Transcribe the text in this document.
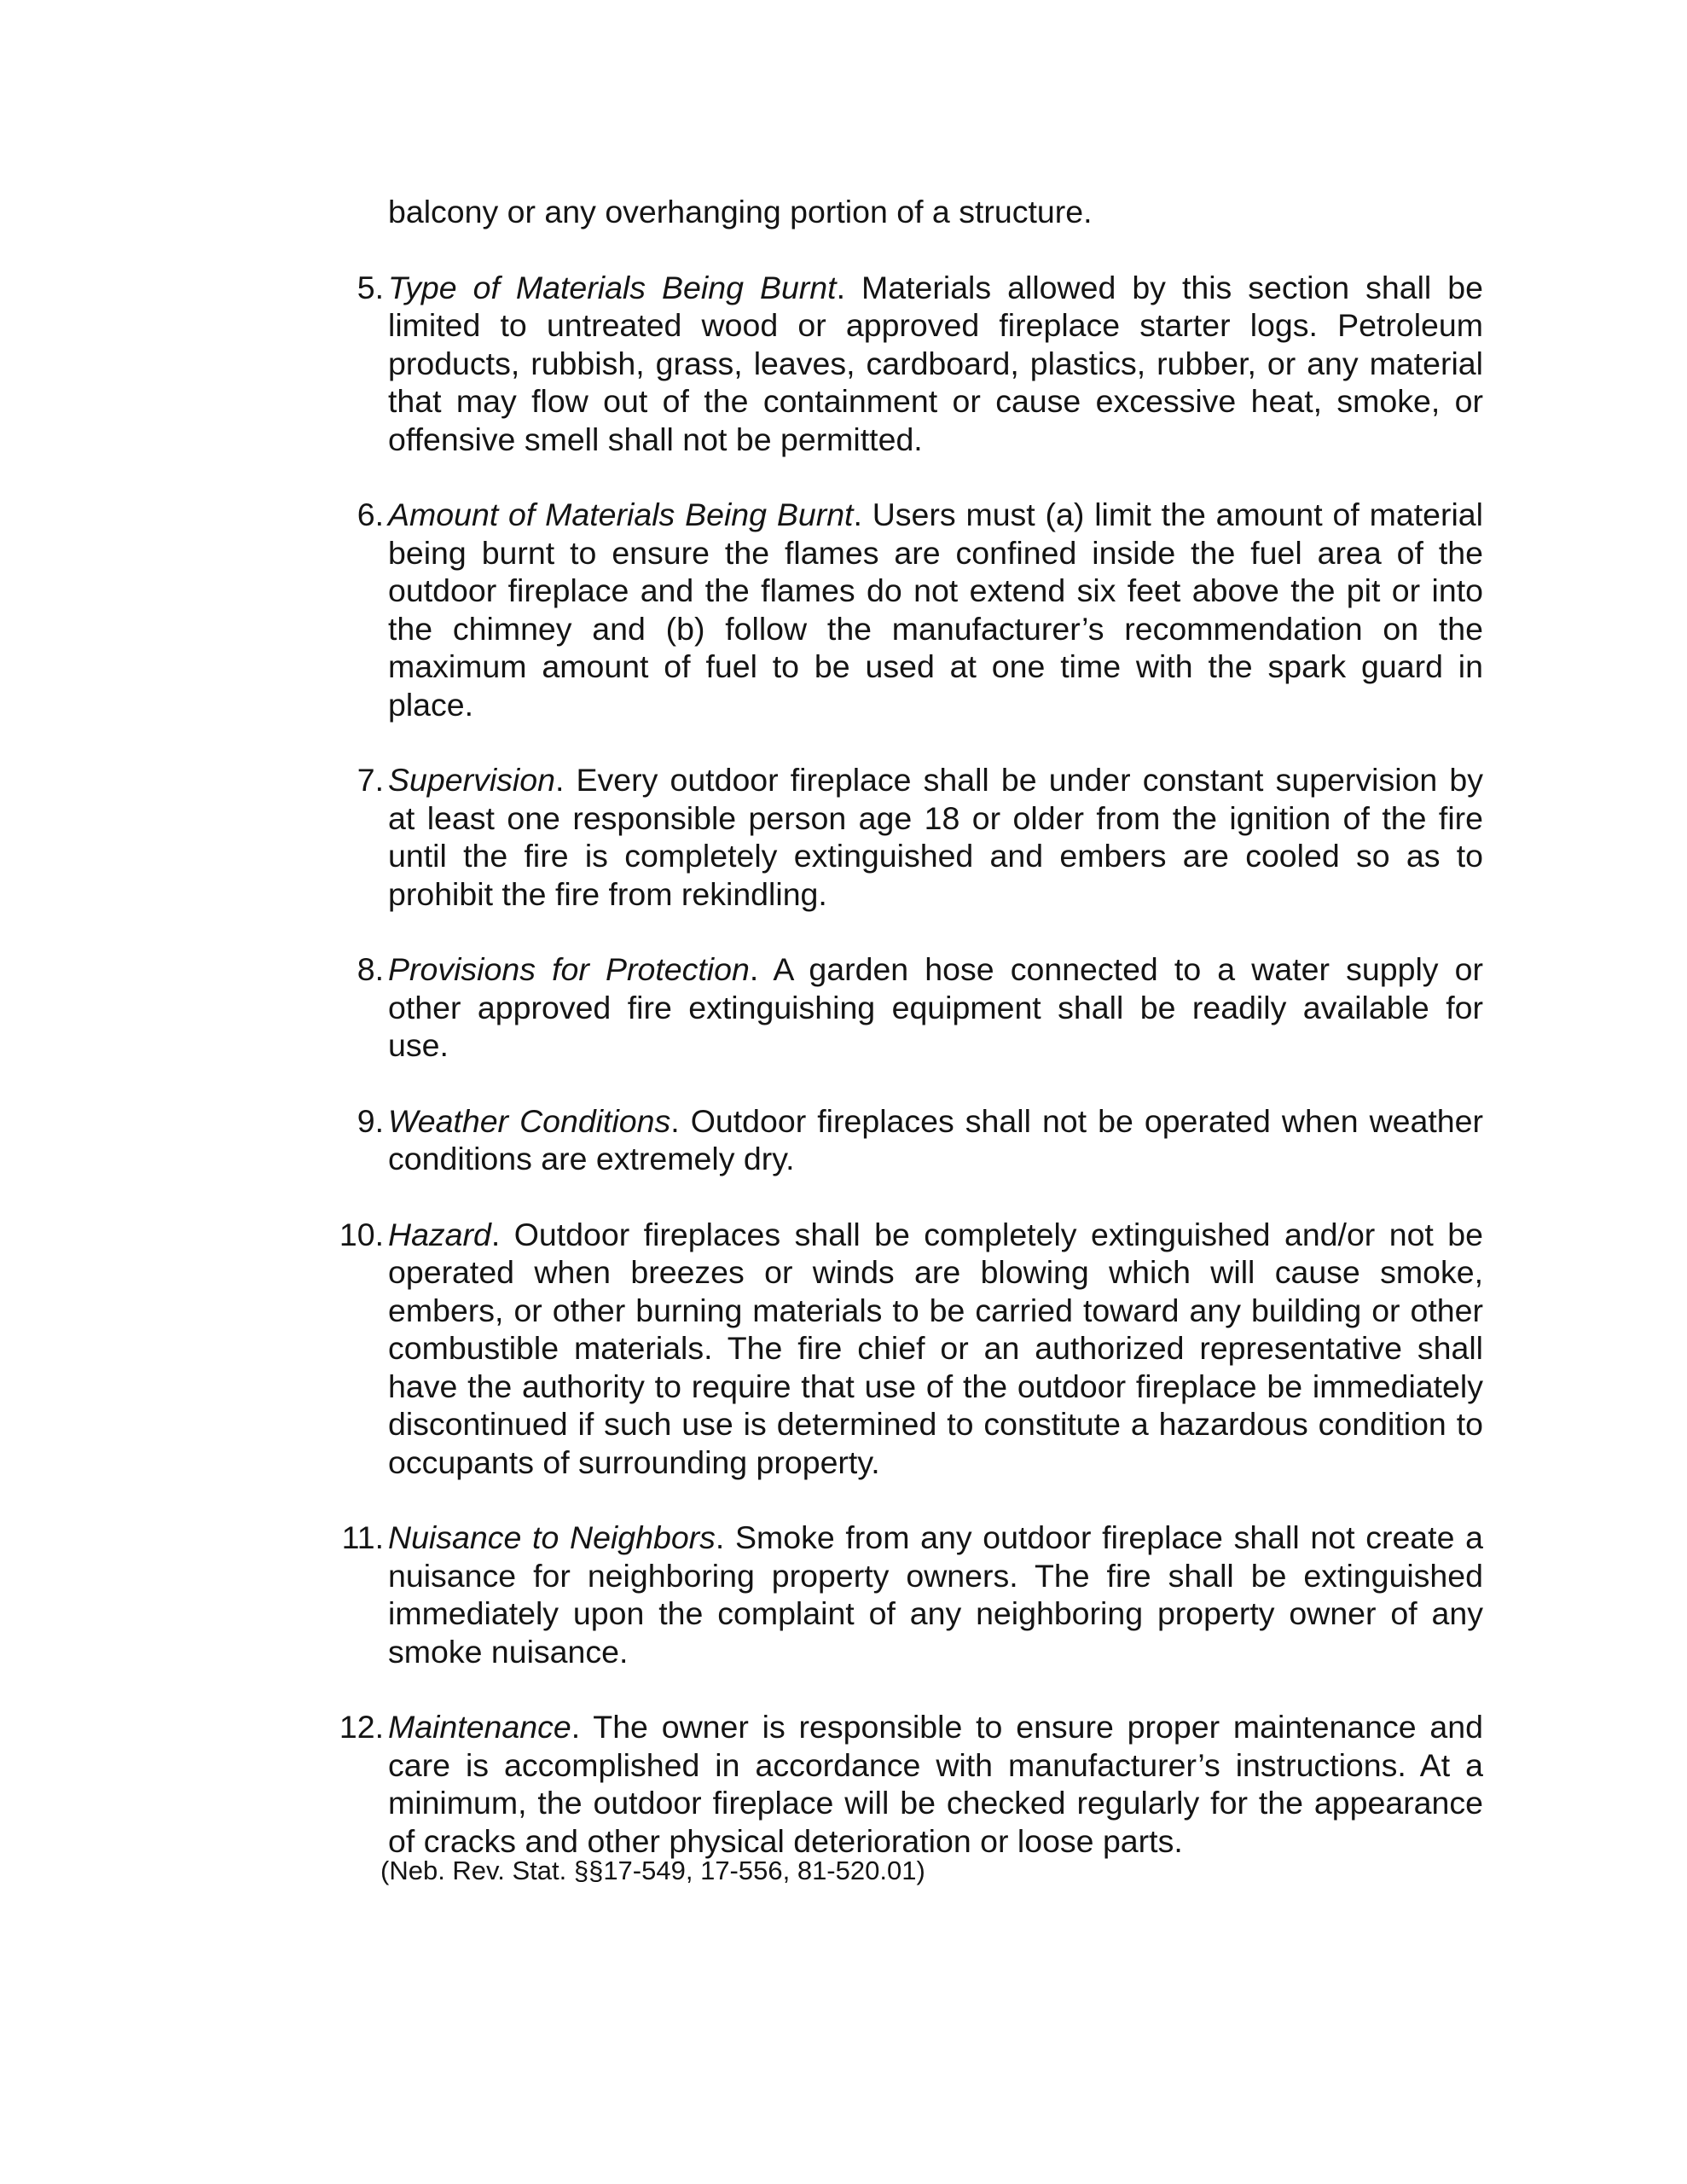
balcony or any overhanging portion of a structure.

5. Type of Materials Being Burnt. Materials allowed by this section shall be limited to untreated wood or approved fireplace starter logs. Petroleum products, rubbish, grass, leaves, cardboard, plastics, rubber, or any material that may flow out of the containment or cause excessive heat, smoke, or offensive smell shall not be permitted.
6. Amount of Materials Being Burnt. Users must (a) limit the amount of material being burnt to ensure the flames are confined inside the fuel area of the outdoor fireplace and the flames do not extend six feet above the pit or into the chimney and (b) follow the manufacturer’s recommendation on the maximum amount of fuel to be used at one time with the spark guard in place.
7. Supervision. Every outdoor fireplace shall be under constant supervision by at least one responsible person age 18 or older from the ignition of the fire until the fire is completely extinguished and embers are cooled so as to prohibit the fire from rekindling.
8. Provisions for Protection. A garden hose connected to a water supply or other approved fire extinguishing equipment shall be readily available for use.
9. Weather Conditions. Outdoor fireplaces shall not be operated when weather conditions are extremely dry.
10. Hazard. Outdoor fireplaces shall be completely extinguished and/or not be operated when breezes or winds are blowing which will cause smoke, embers, or other burning materials to be carried toward any building or other combustible materials. The fire chief or an authorized representative shall have the authority to require that use of the outdoor fireplace be immediately discontinued if such use is determined to constitute a hazardous condition to occupants of surrounding property.
11. Nuisance to Neighbors. Smoke from any outdoor fireplace shall not create a nuisance for neighboring property owners. The fire shall be extinguished immediately upon the complaint of any neighboring property owner of any smoke nuisance.
12. Maintenance. The owner is responsible to ensure proper maintenance and care is accomplished in accordance with manufacturer’s instructions. At a minimum, the outdoor fireplace will be checked regularly for the appearance of cracks and other physical deterioration or loose parts.
(Neb. Rev. Stat. §§17-549, 17-556, 81-520.01)
